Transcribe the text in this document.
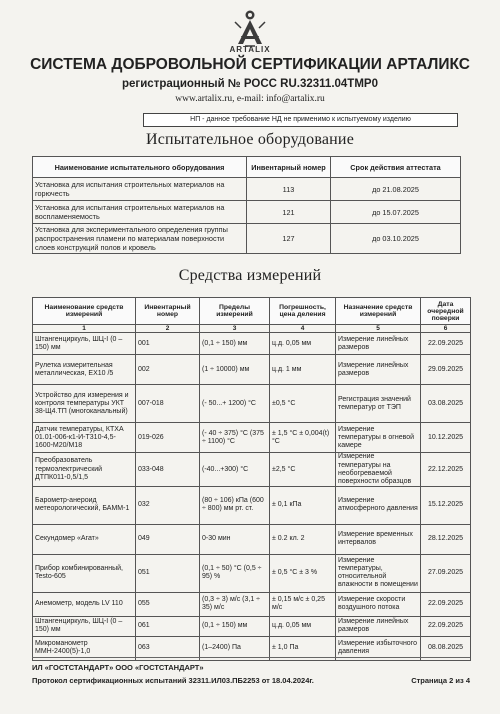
ARTALIX
СИСТЕМА ДОБРОВОЛЬНОЙ СЕРТИФИКАЦИИ АРТАЛИКС
регистрационный № РОСС RU.32311.04ТМР0
www.artalix.ru, e-mail: info@artalix.ru
НП - данное требование НД не применимо к испытуемому изделию
Испытательное оборудование
Наименование испытательного оборудования	Инвентарный номер	Срок действия аттестата
Установка для испытания строительных материалов на горючесть	113	до 21.08.2025
Установка для испытания строительных материалов на воспламеняемость	121	до 15.07.2025
Установка для экспериментального определения группы распространения пламени по материалам поверхности слоев конструкций полов и кровель	127	до 03.10.2025
Средства измерений
Наименование средств измерений	Инвентарный номер	Пределы измерений	Погрешность, цена деления	Назначение средств измерений	Дата очередной поверки
1	2	3	4	5	6
Штангенциркуль, ШЦ-I (0 – 150) мм	001	(0,1 ÷ 150) мм	ц.д. 0,05 мм	Измерение линейных размеров	22.09.2025
Рулетка измерительная металлическая, ЕХ10 /5	002	(1 ÷ 10000) мм	ц.д. 1 мм	Измерение линейных размеров	29.09.2025
Устройство для измерения и контроля температуры УКТ 38-Щ4.ТП (многоканальный)	007-018	(- 50...+ 1200) °С	±0,5 °С	Регистрация значений температур от ТЭП	03.08.2025
Датчик температуры, КТХА 01.01-006-к1-И-Т310-4,5-1600-М20/М18	019-026	(- 40 ÷ 375) °С (375 ÷ 1100) °С	± 1,5 °С ± 0,004(t) °С	Измерение температуры в огневой камере	10.12.2025
Преобразователь термоэлектрический ДТПК011-0,5/1,5	033-048	(-40...+300) °С	±2,5 °С	Измерение температуры на необогреваемой поверхности образцов	22.12.2025
Барометр-анероид метеорологический, БАММ-1	032	(80 ÷ 106) кПа (600 ÷ 800) мм рт. ст.	± 0,1 кПа	Измерение атмосферного давления	15.12.2025
Секундомер «Агат»	049	0-30 мин	± 0.2 кл. 2	Измерение временных интервалов	28.12.2025
Прибор комбинированный, Testo-605	051	(0,1 ÷ 50) °С (0,5 ÷ 95) %	± 0,5 °С ± 3 %	Измерение температуры, относительной влажности в помещении	27.09.2025
Анемометр, модель LV 110	055	(0,3 ÷ 3) м/с (3,1 ÷ 35) м/с	± 0,15 м/с ± 0,25 м/с	Измерение скорости воздушного потока	22.09.2025
Штангенциркуль, ШЦ-I (0 – 150) мм	061	(0,1 ÷ 150) мм	ц.д. 0,05 мм	Измерение линейных размеров	22.09.2025
Микроманометр ММН-2400(5)-1,0	063	(1–2400) Па	± 1,0 Па	Измерение избыточного давления	08.08.2025
ИЛ «ГОСТСТАНДАРТ» ООО «ГОСТСТАНДАРТ»
Протокол сертификационных испытаний 32311.ИЛ03.ПБ2253 от 18.04.2024г.	Страница 2 из 4
